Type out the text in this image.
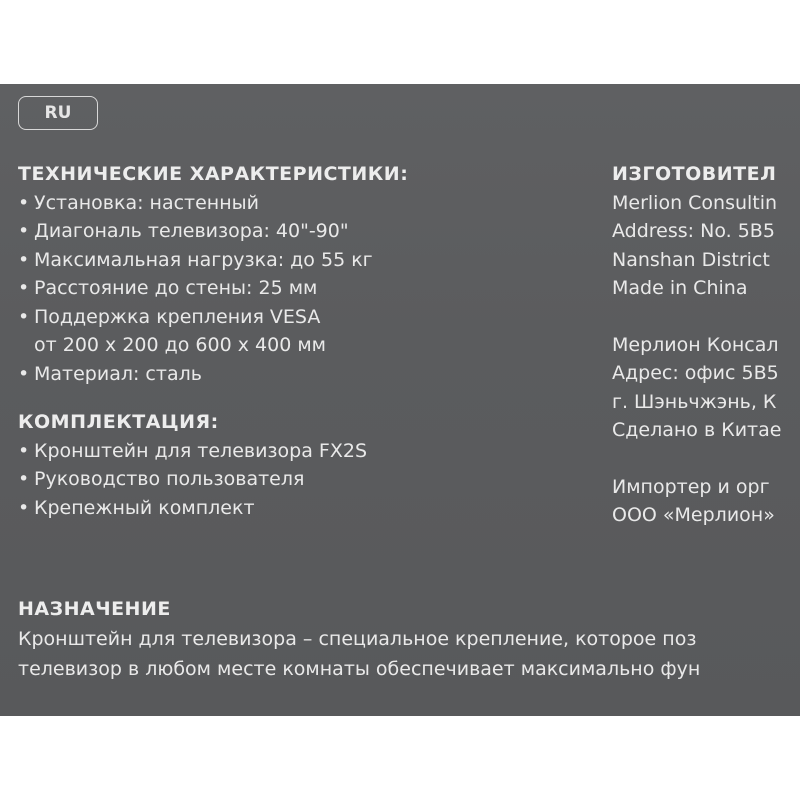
RU
ТЕХНИЧЕСКИЕ ХАРАКТЕРИСТИКИ:
• Установка: настенный
• Диагональ телевизора: 40"-90"
• Максимальная нагрузка: до 55 кг
• Расстояние до стены: 25 мм
• Поддержка крепления VESA
от 200 х 200 до 600 х 400 мм
• Материал: сталь
КОМПЛЕКТАЦИЯ:
• Кронштейн для телевизора FX2S
• Руководство пользователя
• Крепежный комплект
ИЗГОТОВИТЕЛ
Merlion Consultin
Address: No. 5B5
Nanshan District
Made in China
Мерлион Консал
Адрес: офис 5B5
г. Шэньчжэнь, К
Сделано в Китае
Импортер и орг
ООО «Мерлион»
НАЗНАЧЕНИЕ
Кронштейн для телевизора – специальное крепление, которое поз
телевизор в любом месте комнаты обеспечивает максимально фун
